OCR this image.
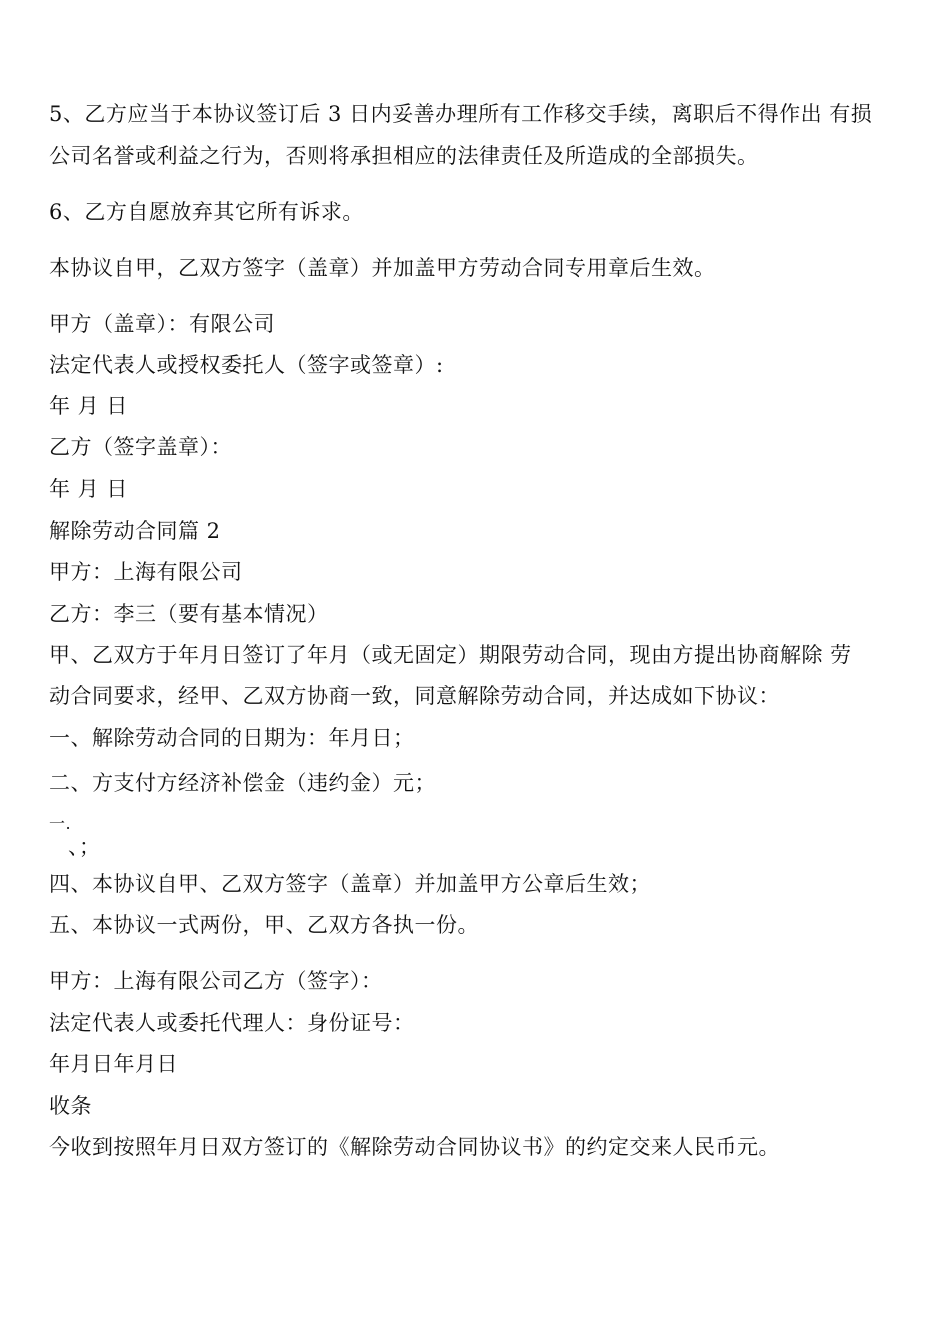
5、乙方应当于本协议签订后 3 日内妥善办理所有工作移交手续，离职后不得作出 有损
公司名誉或利益之行为，否则将承担相应的法律责任及所造成的全部损失。
6、乙方自愿放弃其它所有诉求。
本协议自甲，乙双方签字（盖章）并加盖甲方劳动合同专用章后生效。
甲方（盖章）：有限公司
法定代表人或授权委托人（签字或签章）:
年 月 日
乙方（签字盖章）：
年 月 日
解除劳动合同篇 2
甲方：上海有限公司
乙方：李三（要有基本情况）
甲、乙双方于年月日签订了年月（或无固定）期限劳动合同，现由方提出协商解除 劳
动合同要求，经甲、乙双方协商一致，同意解除劳动合同，并达成如下协议：
一、解除劳动合同的日期为：年月日；
二、方支付方经济补偿金（违约金）元；
一.
、；
四、本协议自甲、乙双方签字（盖章）并加盖甲方公章后生效；
五、本协议一式两份，甲、乙双方各执一份。
甲方：上海有限公司乙方（签字）：
法定代表人或委托代理人：身份证号：
年月日年月日
收条
今收到按照年月日双方签订的《解除劳动合同协议书》的约定交来人民币元。
